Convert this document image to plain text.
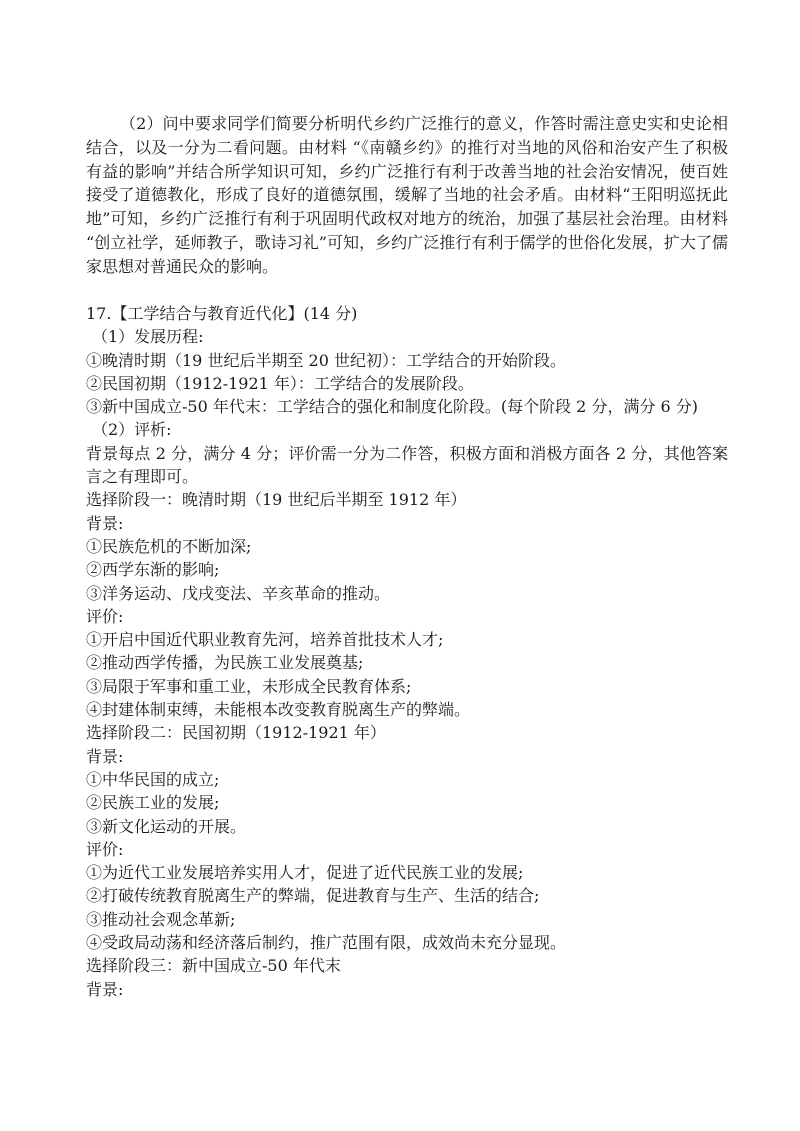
（2）问中要求同学们简要分析明代乡约广泛推行的意义，作答时需注意史实和史论相结合，以及一分为二看问题。由材料 “《南赣乡约》的推行对当地的风俗和治安产生了积极有益的影响”并结合所学知识可知，乡约广泛推行有利于改善当地的社会治安情况，使百姓接受了道德教化，形成了良好的道德氛围，缓解了当地的社会矛盾。由材料“王阳明巡抚此地”可知，乡约广泛推行有利于巩固明代政权对地方的统治，加强了基层社会治理。由材料 “创立社学，延师教子，歌诗习礼”可知，乡约广泛推行有利于儒学的世俗化发展，扩大了儒家思想对普通民众的影响。

17.【工学结合与教育近代化】(14 分)
（1）发展历程:
①晚清时期（19 世纪后半期至 20 世纪初）：工学结合的开始阶段。
②民国初期（1912-1921 年）：工学结合的发展阶段。
③新中国成立-50 年代末：工学结合的强化和制度化阶段。(每个阶段 2 分，满分 6 分)
（2）评析:
背景每点 2 分，满分 4 分；评价需一分为二作答，积极方面和消极方面各 2 分，其他答案言之有理即可。
选择阶段一：晚清时期（19 世纪后半期至 1912 年）
背景:
①民族危机的不断加深;
②西学东渐的影响;
③洋务运动、戊戌变法、辛亥革命的推动。
评价:
①开启中国近代职业教育先河，培养首批技术人才;
②推动西学传播，为民族工业发展奠基;
③局限于军事和重工业，未形成全民教育体系;
④封建体制束缚，未能根本改变教育脱离生产的弊端。
选择阶段二：民国初期（1912-1921 年）
背景:
①中华民国的成立;
②民族工业的发展;
③新文化运动的开展。
评价:
①为近代工业发展培养实用人才，促进了近代民族工业的发展;
②打破传统教育脱离生产的弊端，促进教育与生产、生活的结合;
③推动社会观念革新;
④受政局动荡和经济落后制约，推广范围有限，成效尚未充分显现。
选择阶段三：新中国成立-50 年代末
背景:
